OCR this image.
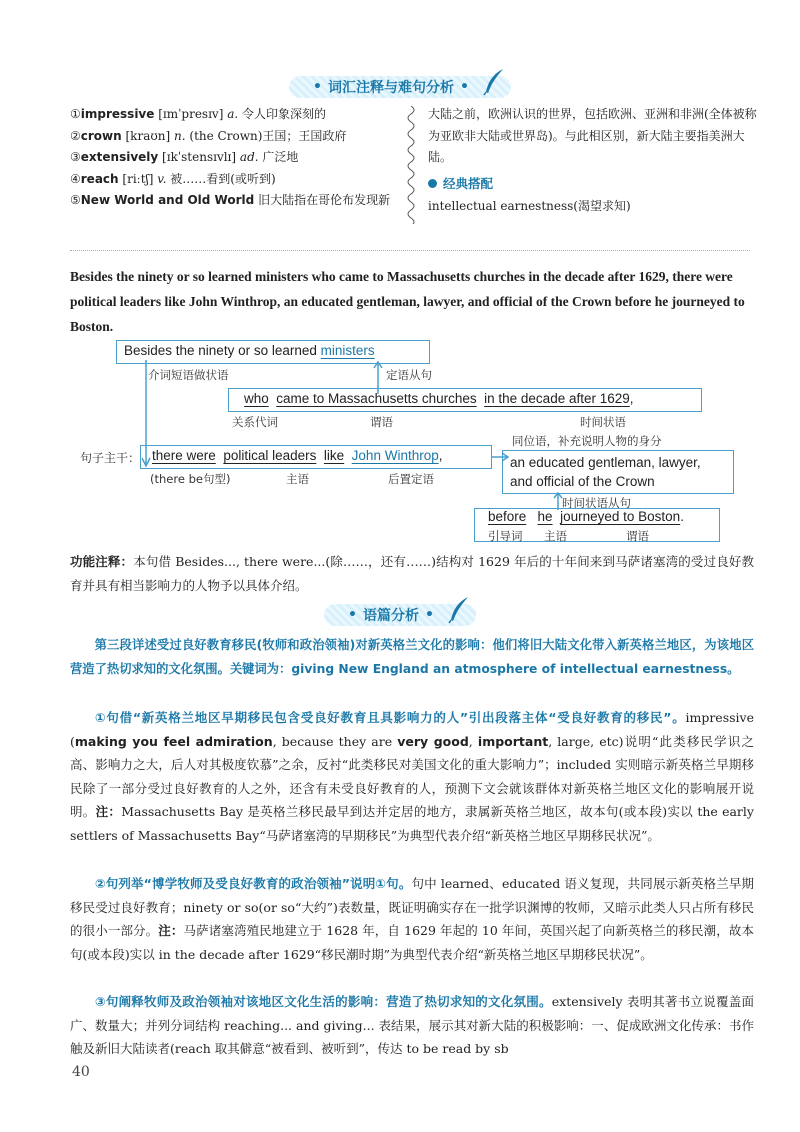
• 词汇注释与难句分析 •
①impressive [ɪmˈpresɪv] a. 令人印象深刻的
②crown [kraʊn] n. (the Crown)王国；王国政府
③extensively [ɪkˈstensɪvlɪ] ad. 广泛地
④reach [riːtʃ] v. 被……看到(或听到)
⑤New World and Old World 旧大陆指在哥伦布发现新
大陆之前，欧洲认识的世界，包括欧洲、亚洲和非洲(全体被称为亚欧非大陆或世界岛)。与此相区别，新大陆主要指美洲大陆。
经典搭配
intellectual earnestness(渴望求知)
Besides the ninety or so learned ministers who came to Massachusetts churches in the decade after 1629, there were political leaders like John Winthrop, an educated gentleman, lawyer, and official of the Crown before he journeyed to Boston.
Besides the ninety or so learned ministers
介词短语做状语	定语从句
who came to Massachusetts churches in the decade after 1629,
关系代词	谓语	时间状语
句子主干： there were political leaders like John Winthrop,
(there be句型)	主语	后置定语
同位语，补充说明人物的身分
an educated gentleman, lawyer,
and official of the Crown
时间状语从句
before he journeyed to Boston.
引导词 主语	谓语
功能注释：本句借 Besides..., there were...(除……，还有……)结构对 1629 年后的十年间来到马萨诸塞湾的受过良好教育并具有相当影响力的人物予以具体介绍。
• 语篇分析 •
第三段详述受过良好教育移民(牧师和政治领袖)对新英格兰文化的影响：他们将旧大陆文化带入新英格兰地区，为该地区营造了热切求知的文化氛围。关键词为：giving New England an atmosphere of intellectual earnestness。
①句借“新英格兰地区早期移民包含受良好教育且具影响力的人”引出段落主体“受良好教育的移民”。impressive (making you feel admiration, because they are very good, important, large, etc)说明“此类移民学识之高、影响力之大，后人对其极度钦慕”之余，反衬“此类移民对美国文化的重大影响力”；included 实则暗示新英格兰早期移民除了一部分受过良好教育的人之外，还含有未受良好教育的人，预测下文会就该群体对新英格兰地区文化的影响展开说明。注：Massachusetts Bay 是英格兰移民最早到达并定居的地方，隶属新英格兰地区，故本句(或本段)实以 the early settlers of Massachusetts Bay“马萨诸塞湾的早期移民”为典型代表介绍“新英格兰地区早期移民状况”。
②句列举“博学牧师及受良好教育的政治领袖”说明①句。句中 learned、educated 语义复现，共同展示新英格兰早期移民受过良好教育；ninety or so(or so“大约”)表数量，既证明确实存在一批学识渊博的牧师，又暗示此类人只占所有移民的很小一部分。注：马萨诸塞湾殖民地建立于 1628 年，自 1629 年起的 10 年间，英国兴起了向新英格兰的移民潮，故本句(或本段)实以 in the decade after 1629“移民潮时期”为典型代表介绍“新英格兰地区早期移民状况”。
③句阐释牧师及政治领袖对该地区文化生活的影响：营造了热切求知的文化氛围。extensively 表明其著书立说覆盖面广、数量大；并列分词结构 reaching... and giving... 表结果，展示其对新大陆的积极影响：一、促成欧洲文化传承：书作触及新旧大陆读者(reach 取其僻意“被看到、被听到”，传达 to be read by sb
40
